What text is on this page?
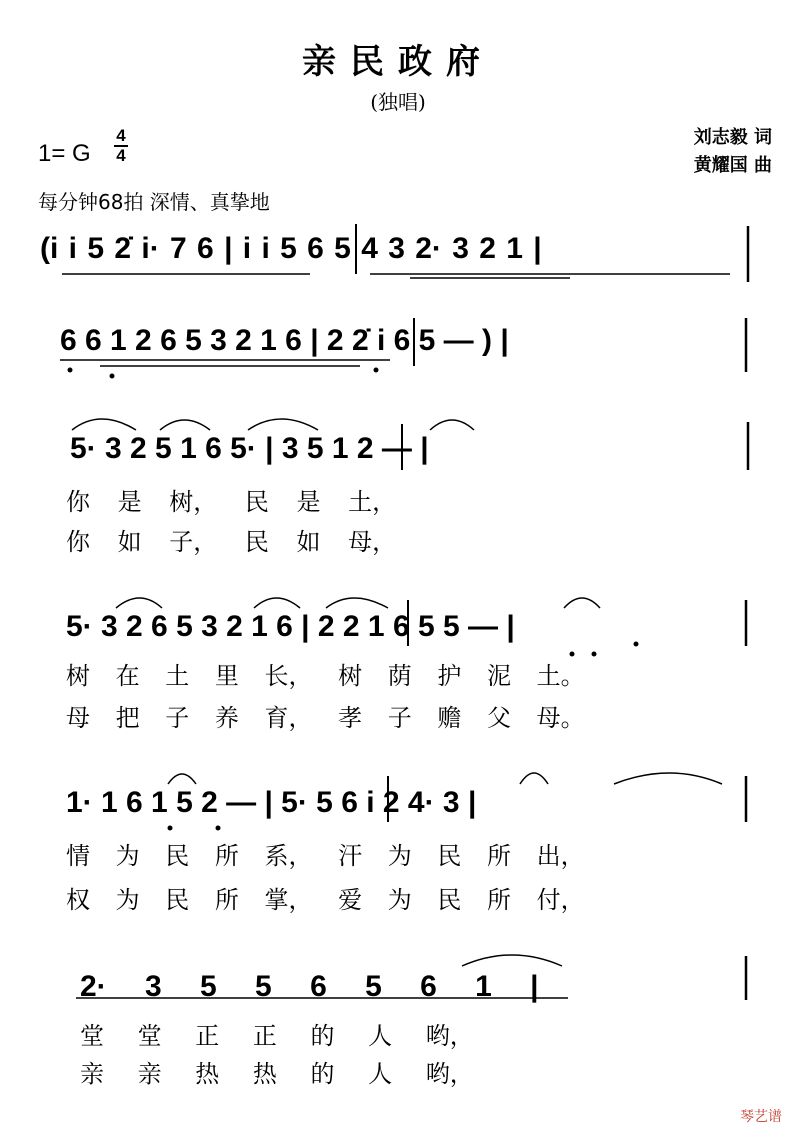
亲民政府
(独唱)
刘志毅 词
黄耀国 曲
1= G
4
4
每分钟68拍 深情、真挚地
(i i 5 2̇ i· 7 6 | i i 5 6 5 4 3 2· 3 2 1 |
6 6 1 2 6 5 3 2 1 6 | 2 2̇ i 6 5 — ) |
5· 3 2 5 1 6 5· | 3 5 1 2 — |
你 是 树， 民 是 土，
你 如 子， 民 如 母，
5· 3 2 6 5 3 2 1 6 | 2 2 1 6 5 5 — |
树 在 土 里 长， 树 荫 护 泥 土。
母 把 子 养 育， 孝 子 赡 父 母。
1· 1 6 1 5 2 — | 5· 5 6 i 2 4· 3 |
情 为 民 所 系， 汗 为 民 所 出，
权 为 民 所 掌， 爱 为 民 所 付，
2· 3 5 5 6 5 6 1 |
堂 堂 正 正 的 人 哟，
亲 亲 热 热 的 人 哟，
琴艺谱
